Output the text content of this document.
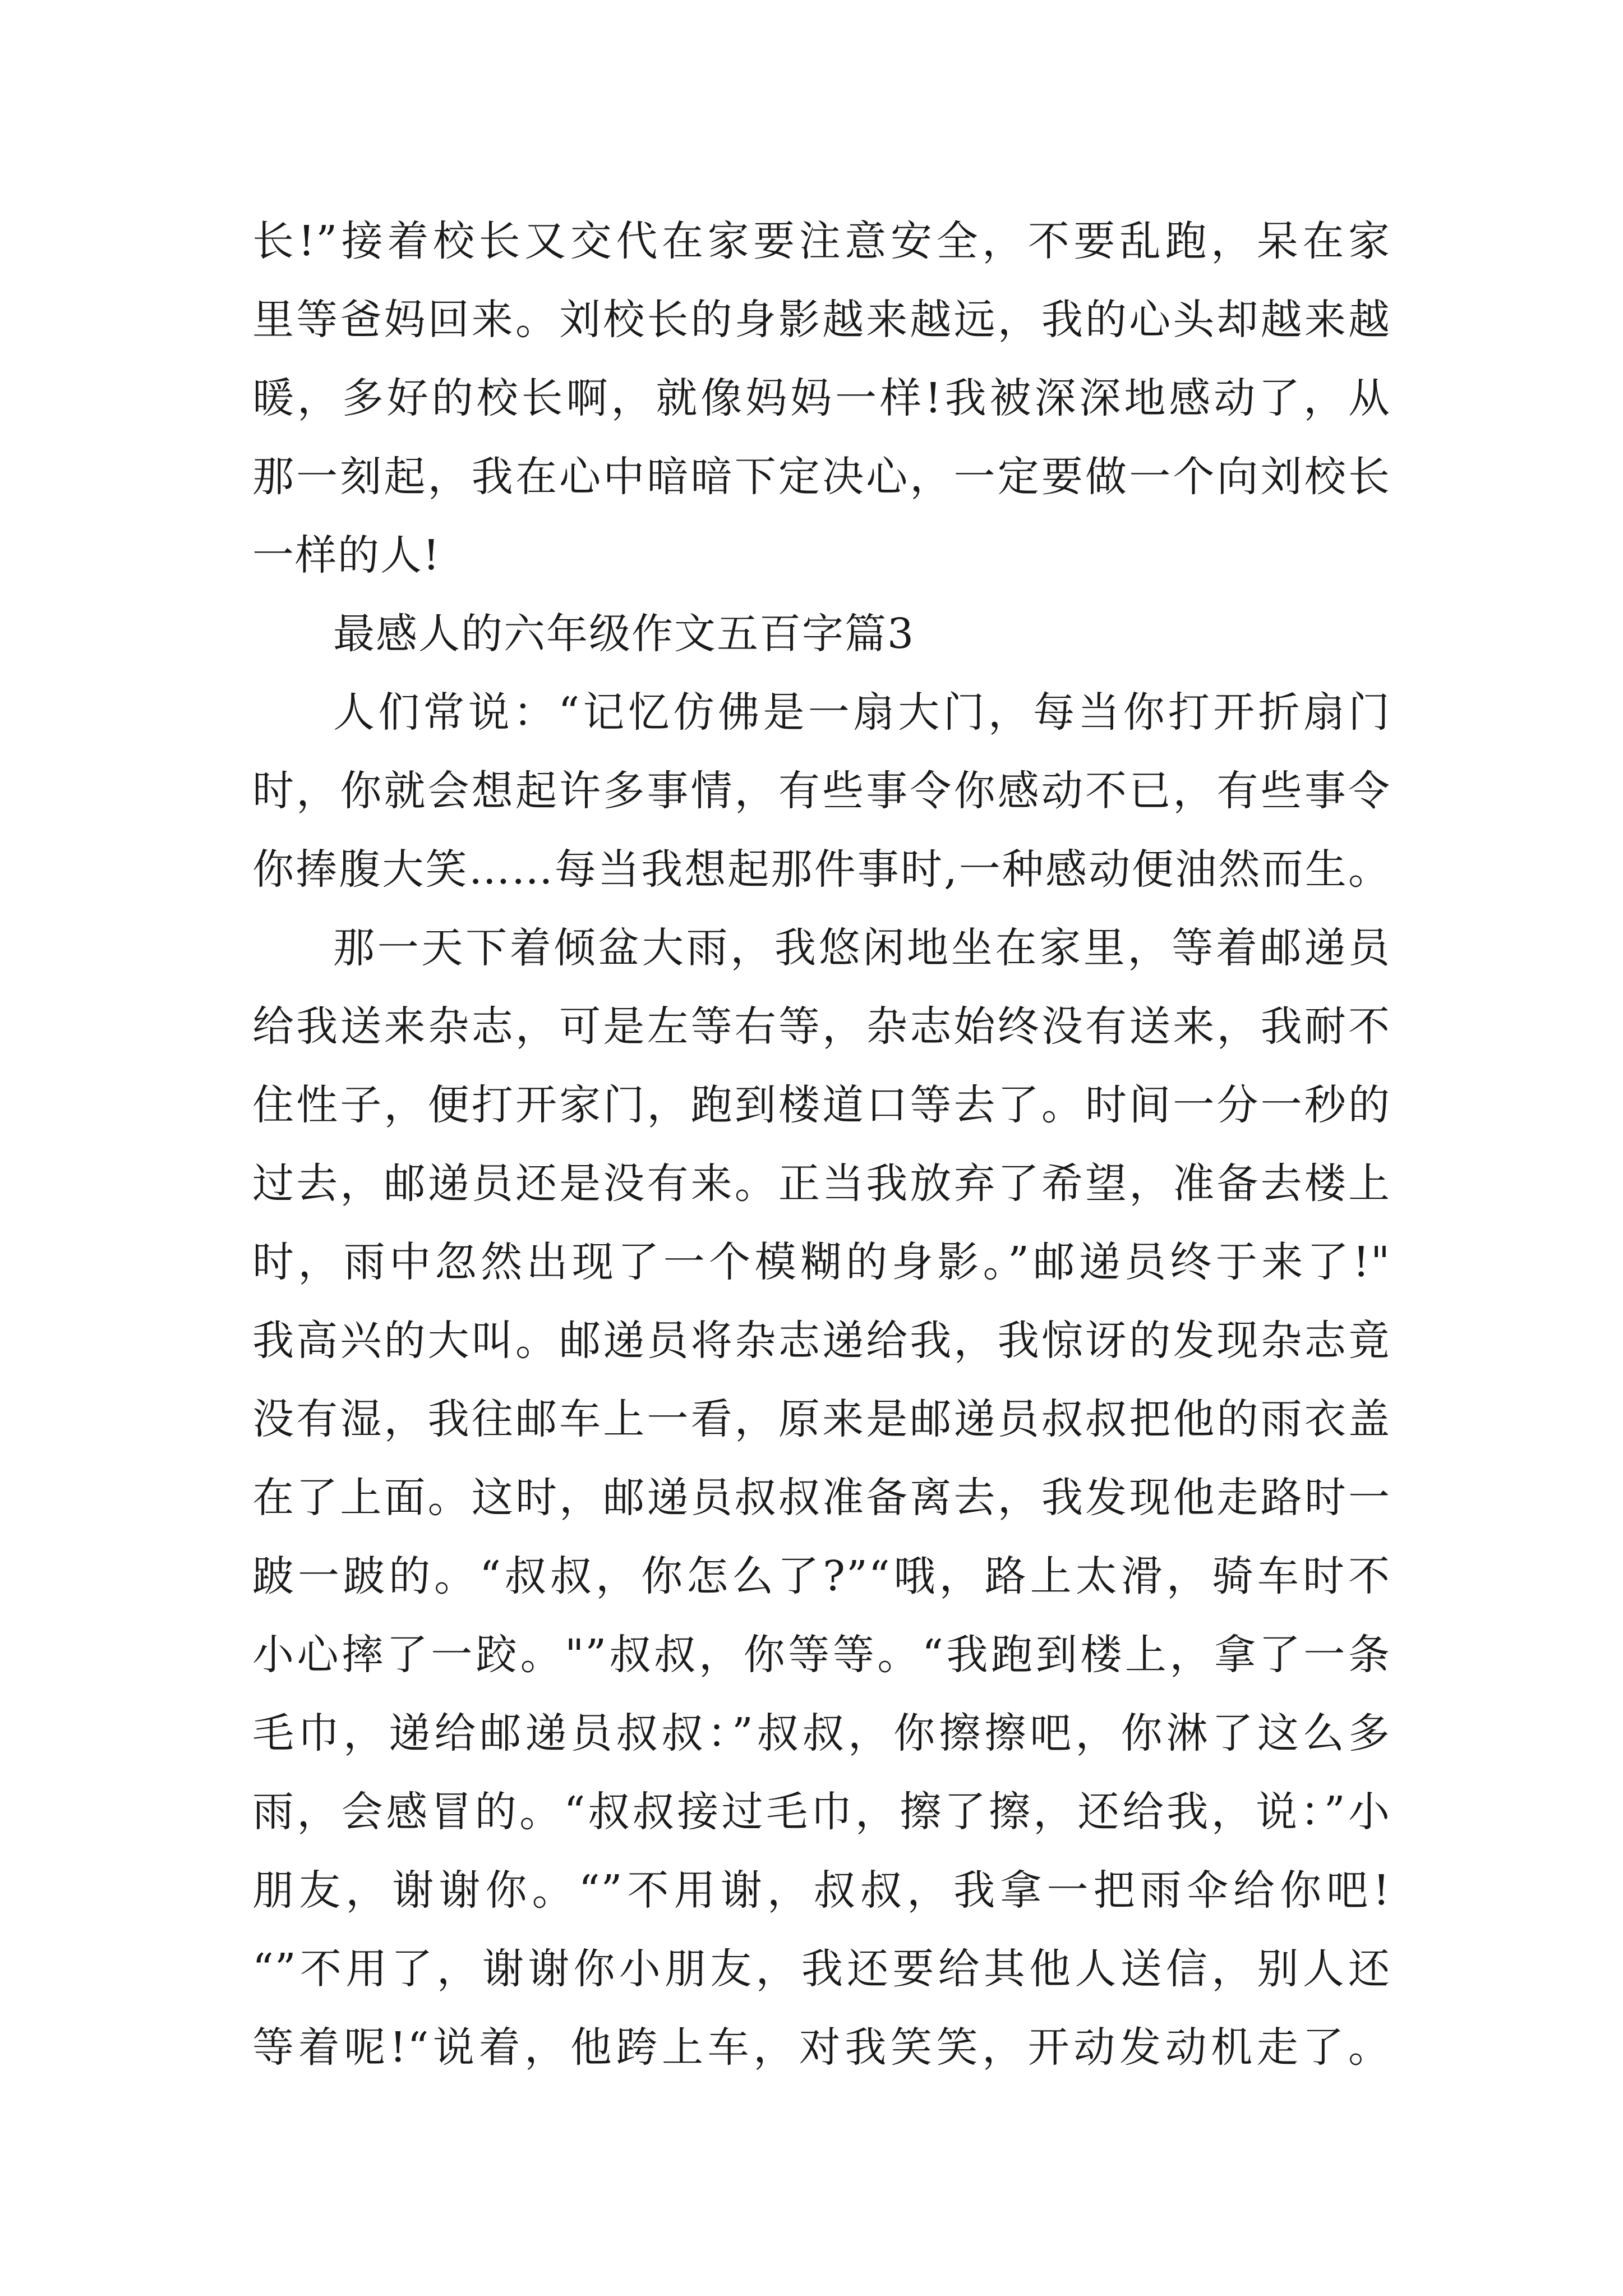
长!”接着校长又交代在家要注意安全，不要乱跑，呆在家
里等爸妈回来。刘校长的身影越来越远，我的心头却越来越
暖，多好的校长啊，就像妈妈一样!我被深深地感动了，从
那一刻起，我在心中暗暗下定决心，一定要做一个向刘校长
一样的人!
最感人的六年级作文五百字篇3
人们常说：“记忆仿佛是一扇大门，每当你打开折扇门
时，你就会想起许多事情，有些事令你感动不已，有些事令
你捧腹大笑……每当我想起那件事时,一种感动便油然而生。
那一天下着倾盆大雨，我悠闲地坐在家里，等着邮递员
给我送来杂志，可是左等右等，杂志始终没有送来，我耐不
住性子，便打开家门，跑到楼道口等去了。时间一分一秒的
过去，邮递员还是没有来。正当我放弃了希望，准备去楼上
时，雨中忽然出现了一个模糊的身影。”邮递员终于来了!"
我高兴的大叫。邮递员将杂志递给我，我惊讶的发现杂志竟
没有湿，我往邮车上一看，原来是邮递员叔叔把他的雨衣盖
在了上面。这时，邮递员叔叔准备离去，我发现他走路时一
跛一跛的。“叔叔，你怎么了?”“哦，路上太滑，骑车时不
小心摔了一跤。"”叔叔，你等等。“我跑到楼上，拿了一条
毛巾，递给邮递员叔叔：”叔叔，你擦擦吧，你淋了这么多
雨，会感冒的。“叔叔接过毛巾，擦了擦，还给我，说：”小
朋友，谢谢你。“”不用谢，叔叔，我拿一把雨伞给你吧!
“”不用了，谢谢你小朋友，我还要给其他人送信，别人还
等着呢!“说着，他跨上车，对我笑笑，开动发动机走了。
